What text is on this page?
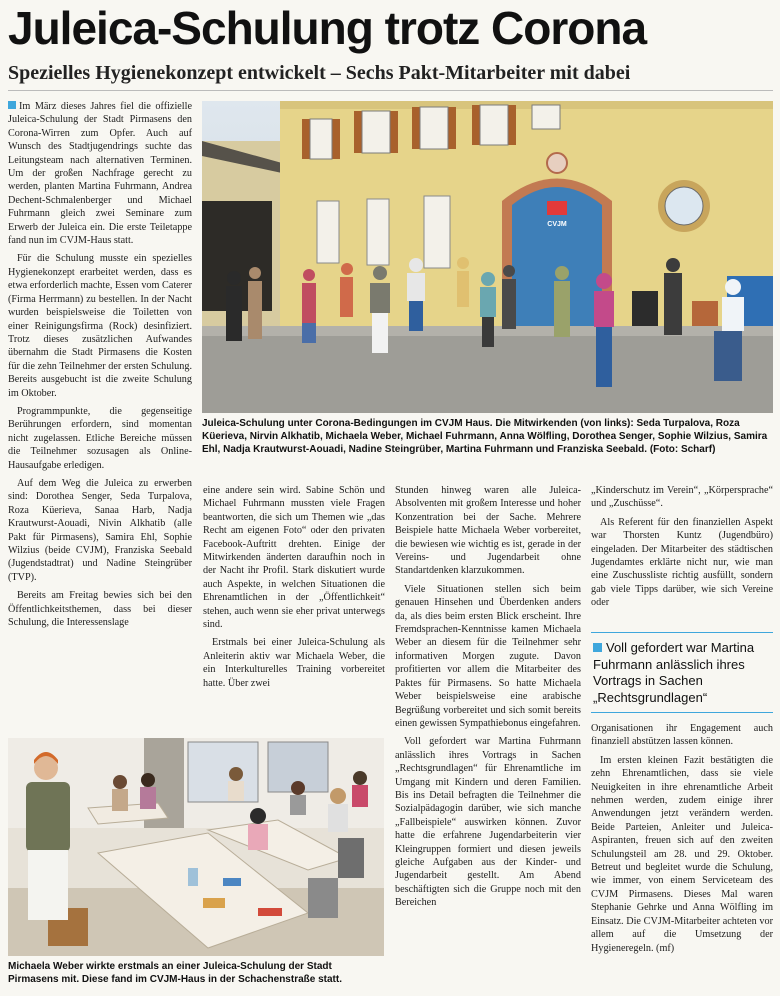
Juleica-Schulung trotz Corona
Spezielles Hygienekonzept entwickelt – Sechs Pakt-Mitarbeiter mit dabei

Im März dieses Jahres fiel die offizielle Juleica-Schulung der Stadt Pirmasens den Corona-Wirren zum Opfer. Auch auf Wunsch des Stadtjugendrings suchte das Leitungsteam nach alternativen Terminen. Um der großen Nachfrage gerecht zu werden, planten Martina Fuhrmann, Andrea Dechent-Schmalenberger und Michael Fuhrmann gleich zwei Seminare zum Erwerb der Juleica ein. Die erste Teiletappe fand nun im CVJM-Haus statt.

Für die Schulung musste ein spezielles Hygienekonzept erarbeitet werden, dass es etwa erforderlich machte, Essen vom Caterer (Firma Herrmann) zu bestellen. In der Nacht wurden beispielsweise die Toiletten von einer Reinigungsfirma (Rock) desinfiziert. Trotz dieses zusätzlichen Aufwandes übernahm die Stadt Pirmasens die Kosten für die zehn Teilnehmer der ersten Schulung. Bereits ausgebucht ist die zweite Schulung im Oktober.

Programmpunkte, die gegenseitige Berührungen erfordern, sind momentan nicht zugelassen. Etliche Bereiche müssen die Teilnehmer sozusagen als Online-Hausaufgabe erledigen.

Auf dem Weg die Juleica zu erwerben sind: Dorothea Senger, Seda Turpalova, Roza Küerieva, Sanaa Harb, Nadja Krautwurst-Aouadi, Nivin Alkhatib (alle Pakt für Pirmasens), Samira Ehl, Sophie Wilzius (beide CVJM), Franziska Seebald (Jugendstadtrat) und Nadine Steingrüber (TVP).

Bereits am Freitag bewies sich bei den Öffentlichkeitsthemen, dass bei dieser Schulung, die Interessenslage

CVJM
Juleica-Schulung unter Corona-Bedingungen im CVJM Haus. Die Mitwirkenden (von links): Seda Turpalova, Roza Küerieva, Nirvin Alkhatib, Michaela Weber, Michael Fuhrmann, Anna Wölfling, Dorothea Senger, Sophie Wilzius, Samira Ehl, Nadja Krautwurst-Aouadi, Nadine Steingrüber, Martina Fuhrmann und Franziska Seebald. (Foto: Scharf)

eine andere sein wird. Sabine Schön und Michael Fuhrmann mussten viele Fragen beantworten, die sich um Themen wie „das Recht am eigenen Foto“ oder den privaten Facebook-Auftritt drehten. Einige der Mitwirkenden änderten daraufhin noch in der Nacht ihr Profil. Stark diskutiert wurde auch Aspekte, in welchen Situationen die Ehrenamtlichen in der „Öffentlichkeit“ stehen, auch wenn sie eher privat unterwegs sind.

Erstmals bei einer Juleica-Schulung als Anleiterin aktiv war Michaela Weber, die ein Interkulturelles Training vorbereitet hatte. Über zwei

Stunden hinweg waren alle Juleica-Absolventen mit großem Interesse und hoher Konzentration bei der Sache. Mehrere Beispiele hatte Michaela Weber vorbereitet, die bewiesen wie wichtig es ist, gerade in der Vereins- und Jugendarbeit ohne Standartdenken klarzukommen.

Viele Situationen stellen sich beim genauen Hinsehen und Überdenken anders da, als dies beim ersten Blick erscheint. Ihre Fremdsprachen-Kenntnisse kamen Michaela Weber an diesem für die Teilnehmer sehr informativen Morgen zugute. Davon profitierten vor allem die Mitarbeiter des Paktes für Pirmasens. So hatte Michaela Weber beispielsweise eine arabische Begrüßung vorbereitet und sich somit bereits einen gewissen Sympathiebonus eingefahren.

Voll gefordert war Martina Fuhrmann anlässlich ihres Vortrags in Sachen „Rechtsgrundlagen“ für Ehrenamtliche im Umgang mit Kindern und deren Familien. Bis ins Detail befragten die Teilnehmer die Sozialpädagogin darüber, wie sich manche „Fallbeispiele“ auswirken können. Zuvor hatte die erfahrene Jugendarbeiterin vier Kleingruppen formiert und diesen jeweils gleiche Aufgaben aus der Kinder- und Jugendarbeit gestellt. Am Abend beschäftigten sich die Gruppe noch mit den Bereichen

„Kinderschutz im Verein“, „Körpersprache“ und „Zuschüsse“.

Als Referent für den finanziellen Aspekt war Thorsten Kuntz (Jugendbüro) eingeladen. Der Mitarbeiter des städtischen Jugendamtes erklärte nicht nur, wie man eine Zuschussliste richtig ausfüllt, sondern gab viele Tipps darüber, wie sich Vereine oder

Voll gefordert war Martina Fuhrmann anlässlich ihres Vortrags in Sachen „Rechtsgrundlagen“

Organisationen ihr Engagement auch finanziell abstützen lassen können.

Im ersten kleinen Fazit bestätigten die zehn Ehrenamtlichen, dass sie viele Neuigkeiten in ihre ehrenamtliche Arbeit nehmen werden, zudem einige ihrer Anwendungen jetzt verändern werden. Beide Parteien, Anleiter und Juleica-Aspiranten, freuen sich auf den zweiten Schulungsteil am 28. und 29. Oktober. Betreut und begleitet wurde die Schulung, wie immer, von einem Serviceteam des CVJM Pirmasens. Dieses Mal waren Stephanie Gehrke und Anna Wölfling im Einsatz. Die CVJM-Mitarbeiter achteten vor allem auf die Umsetzung der Hygieneregeln. (mf)

Michaela Weber wirkte erstmals an einer Juleica-Schulung der Stadt Pirmasens mit. Diese fand im CVJM-Haus in der Schachenstraße statt.
